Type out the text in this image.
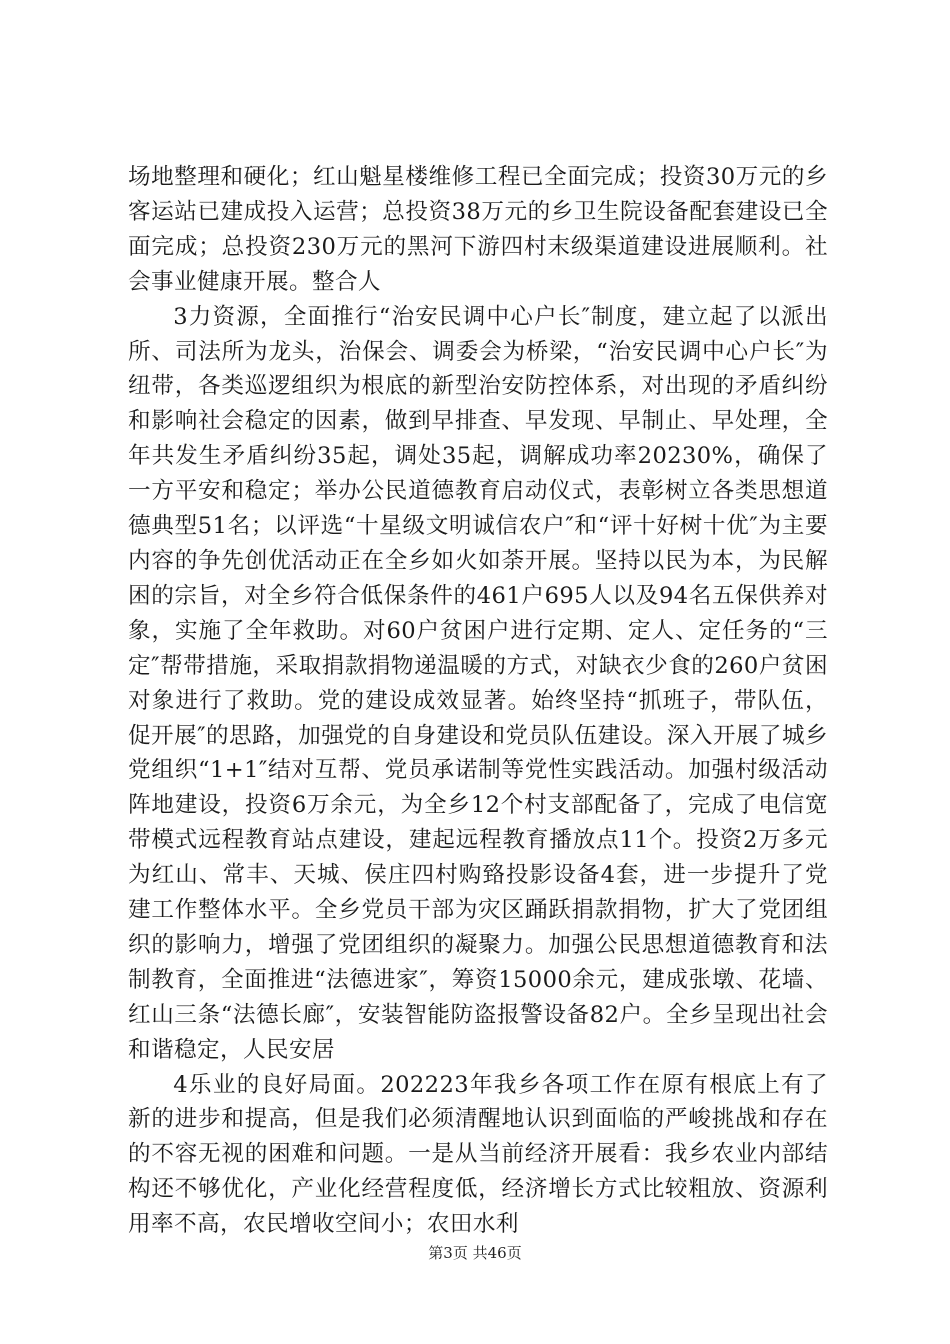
场地整理和硬化；红山魁星楼维修工程已全面完成；投资30万元的乡客运站已建成投入运营；总投资38万元的乡卫生院设备配套建设已全面完成；总投资230万元的黑河下游四村末级渠道建设进展顺利。社会事业健康开展。整合人

3力资源，全面推行“治安民调中心户长″制度，建立起了以派出所、司法所为龙头，治保会、调委会为桥梁，“治安民调中心户长″为纽带，各类巡逻组织为根底的新型治安防控体系，对出现的矛盾纠纷和影响社会稳定的因素，做到早排查、早发现、早制止、早处理，全年共发生矛盾纠纷35起，调处35起，调解成功率20230%，确保了一方平安和稳定；举办公民道德教育启动仪式，表彰树立各类思想道德典型51名；以评选“十星级文明诚信农户″和“评十好树十优″为主要内容的争先创优活动正在全乡如火如荼开展。坚持以民为本，为民解困的宗旨，对全乡符合低保条件的461户695人以及94名五保供养对象，实施了全年救助。对60户贫困户进行定期、定人、定任务的“三定″帮带措施，采取捐款捐物递温暖的方式，对缺衣少食的260户贫困对象进行了救助。党的建设成效显著。始终坚持“抓班子，带队伍，促开展″的思路，加强党的自身建设和党员队伍建设。深入开展了城乡党组织“1+1″结对互帮、党员承诺制等党性实践活动。加强村级活动阵地建设，投资6万余元，为全乡12个村支部配备了，完成了电信宽带模式远程教育站点建设，建起远程教育播放点11个。投资2万多元为红山、常丰、天城、侯庄四村购臵投影设备4套，进一步提升了党建工作整体水平。全乡党员干部为灾区踊跃捐款捐物，扩大了党团组织的影响力，增强了党团组织的凝聚力。加强公民思想道德教育和法制教育，全面推进“法德进家″，筹资15000余元，建成张墩、花墙、红山三条“法德长廊″，安装智能防盗报警设备82户。全乡呈现出社会和谐稳定，人民安居

4乐业的良好局面。202223年我乡各项工作在原有根底上有了新的进步和提高，但是我们必须清醒地认识到面临的严峻挑战和存在的不容无视的困难和问题。一是从当前经济开展看：我乡农业内部结构还不够优化，产业化经营程度低，经济增长方式比较粗放、资源利用率不高，农民增收空间小；农田水利

第3页 共46页
